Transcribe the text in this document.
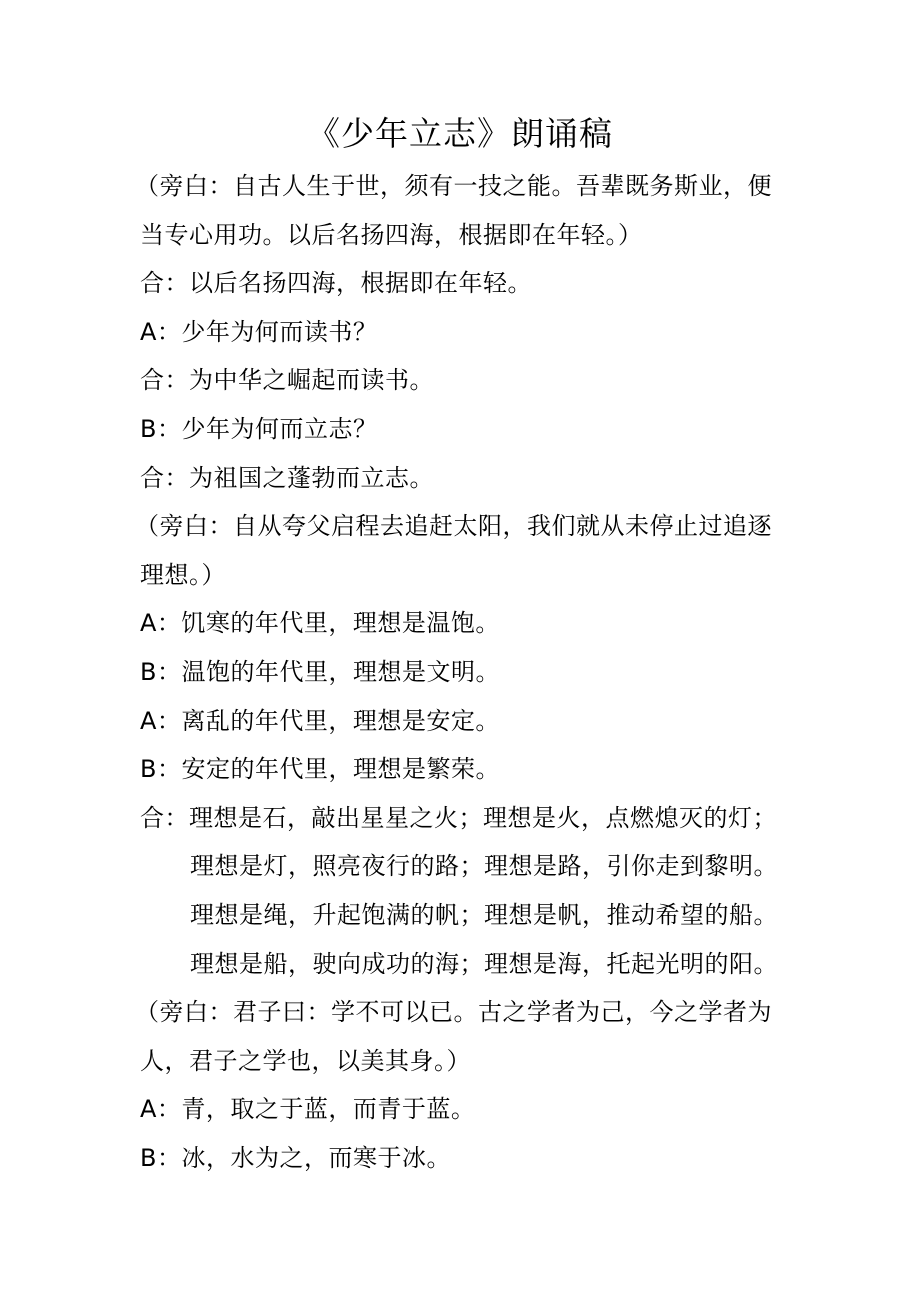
《少年立志》朗诵稿
（旁白：自古人生于世，须有一技之能。吾辈既务斯业，便
当专心用功。以后名扬四海，根据即在年轻。）
合：以后名扬四海，根据即在年轻。
A：少年为何而读书？
合：为中华之崛起而读书。
B：少年为何而立志？
合：为祖国之蓬勃而立志。
（旁白：自从夸父启程去追赶太阳，我们就从未停止过追逐
理想。）
A：饥寒的年代里，理想是温饱。
B：温饱的年代里，理想是文明。
A：离乱的年代里，理想是安定。
B：安定的年代里，理想是繁荣。
合：理想是石，敲出星星之火；理想是火，点燃熄灭的灯；
理想是灯，照亮夜行的路；理想是路，引你走到黎明。
理想是绳，升起饱满的帆；理想是帆，推动希望的船。
理想是船，驶向成功的海；理想是海，托起光明的阳。
（旁白：君子曰：学不可以已。古之学者为己，今之学者为
人，君子之学也，以美其身。）
A：青，取之于蓝，而青于蓝。
B：冰，水为之，而寒于冰。
